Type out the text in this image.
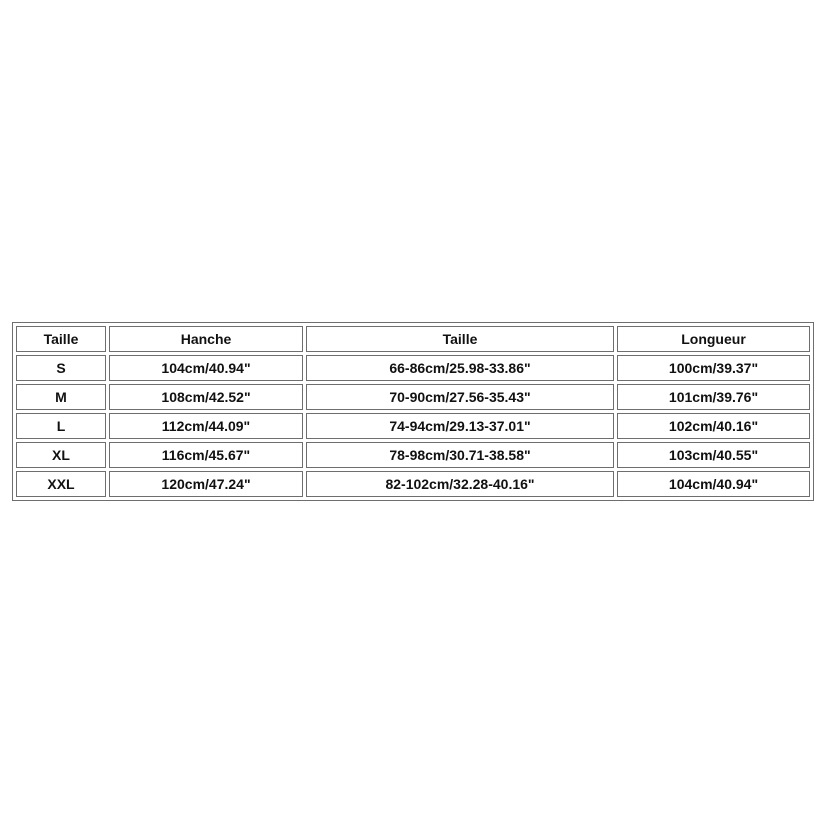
Taille	Hanche	Taille	Longueur
S	104cm/40.94"	66-86cm/25.98-33.86"	100cm/39.37"
M	108cm/42.52"	70-90cm/27.56-35.43"	101cm/39.76"
L	112cm/44.09"	74-94cm/29.13-37.01"	102cm/40.16"
XL	116cm/45.67"	78-98cm/30.71-38.58"	103cm/40.55"
XXL	120cm/47.24"	82-102cm/32.28-40.16"	104cm/40.94"
